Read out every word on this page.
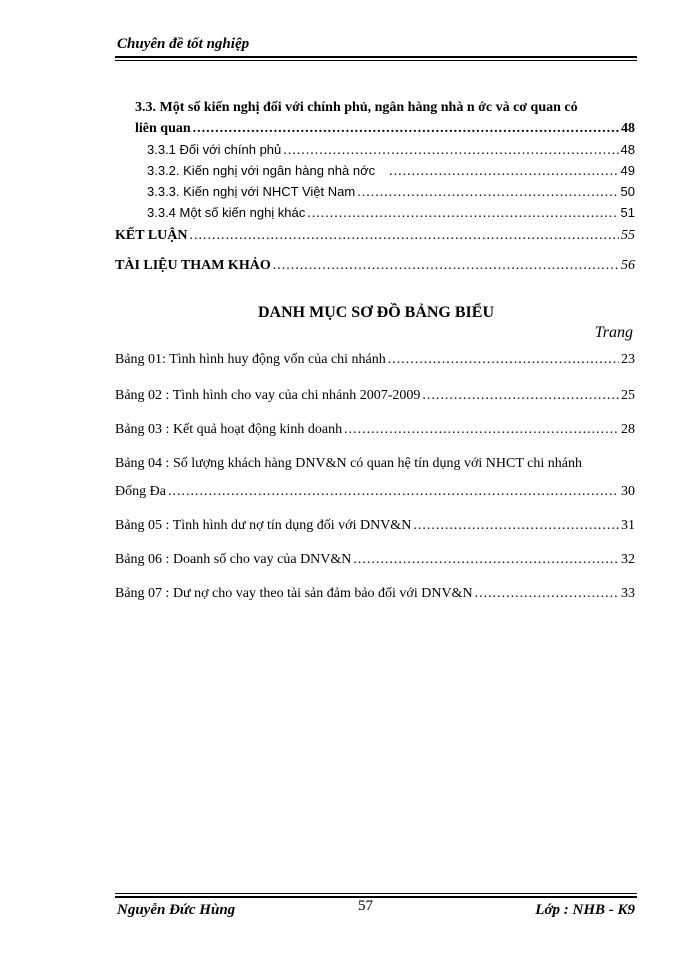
Chuyên đề tốt nghiệp
3.3. Một số kiến nghị đối với chính phủ, ngân hàng nhà n ớc và cơ quan có
liên quan .....	48
3.3.1 Đối với chính phủ .....	48
3.3.2. Kiến nghị với ngân hàng nhà nớc .....	49
3.3.3. Kiến nghị với NHCT Việt Nam .....	50
3.3.4 Một số kiến nghị khác .....	51
KẾT LUẬN .....	55
TÀI LIỆU THAM KHẢO .....	56
DANH MỤC SƠ ĐỒ BẢNG BIỂU
Trang
Bảng 01: Tình hình huy động vốn của chi nhánh .....	23
Bảng 02 : Tình hình cho vay của chi nhánh 2007-2009 .....	25
Bảng 03 : Kết quả hoạt động kinh doanh .....	28
Bảng 04 : Số lượng khách hàng DNV&N có quan hệ tín dụng với NHCT chi nhánh
Đống Đa .....	30
Bảng 05 : Tình hình dư nợ tín dụng đối với DNV&N .....	31
Bảng 06 : Doanh số cho vay của DNV&N .....	32
Bảng 07 : Dư nợ cho vay theo tài sản đảm bảo đối với DNV&N .....	33
Nguyễn Đức Hùng	57	Lớp : NHB - K9
